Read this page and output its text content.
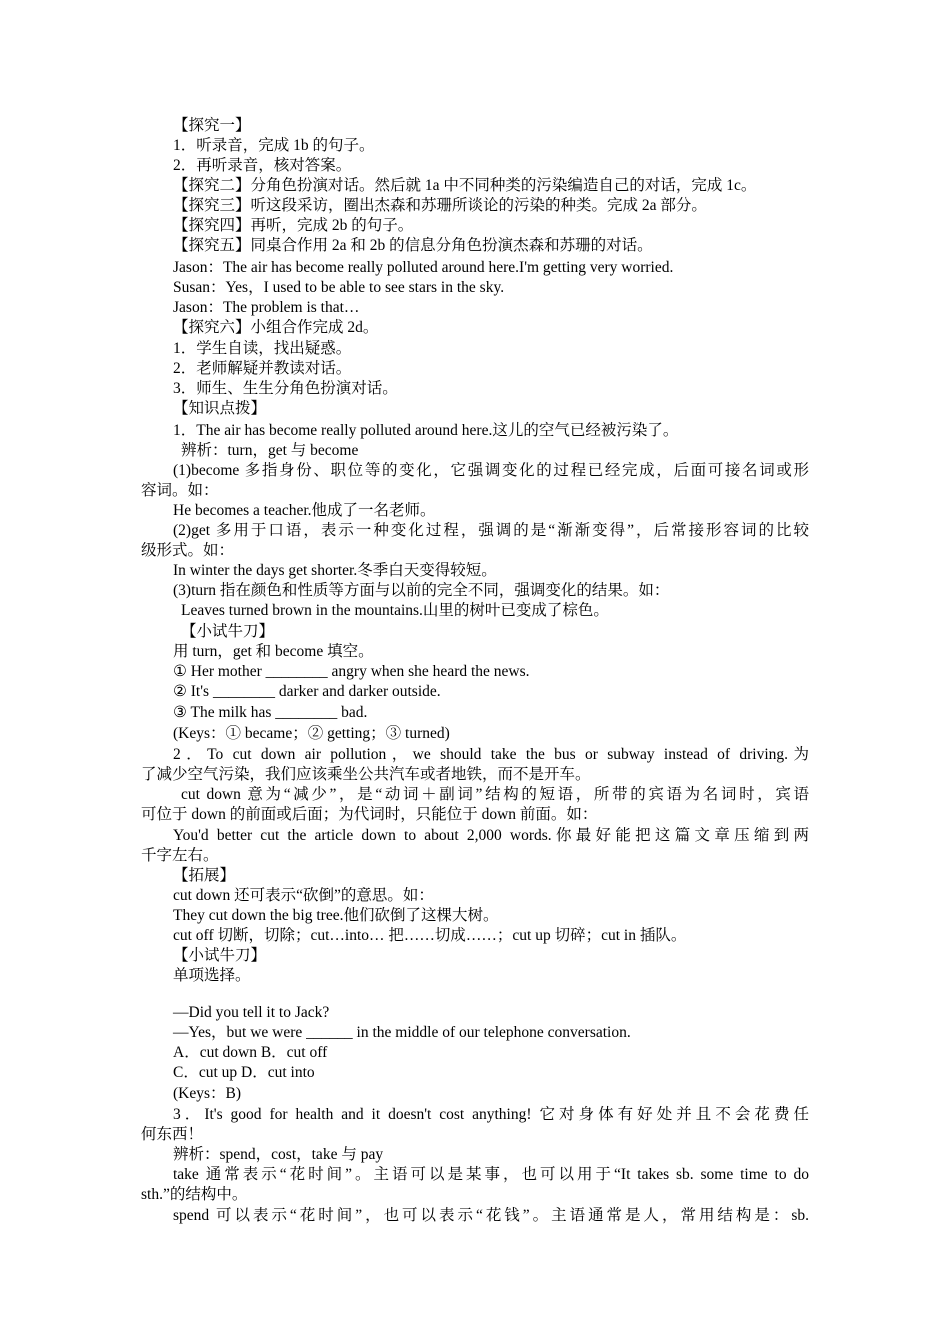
【探究一】
1．听录音，完成 1b 的句子。
2．再听录音，核对答案。
【探究二】分角色扮演对话。然后就 1a 中不同种类的污染编造自己的对话，完成 1c。
【探究三】听这段采访，圈出杰森和苏珊所谈论的污染的种类。完成 2a 部分。
【探究四】再听，完成 2b 的句子。
【探究五】同桌合作用 2a 和 2b 的信息分角色扮演杰森和苏珊的对话。
Jason：The air has become really polluted around here.I'm getting very worried.
Susan：Yes，I used to be able to see stars in the sky.
Jason：The problem is that…
【探究六】小组合作完成 2d。
1．学生自读，找出疑惑。
2．老师解疑并教读对话。
3．师生、生生分角色扮演对话。
【知识点拨】
1．The air has become really polluted around here.这儿的空气已经被污染了。
辨析：turn，get 与 become
(1)become 多指身份、职位等的变化，它强调变化的过程已经完成，后面可接名词或形
容词。如：
He becomes a teacher.他成了一名老师。
(2)get 多用于口语，表示一种变化过程，强调的是“渐渐变得”，后常接形容词的比较
级形式。如：
In winter the days get shorter.冬季白天变得较短。
(3)turn 指在颜色和性质等方面与以前的完全不同，强调变化的结果。如：
Leaves turned brown in the mountains.山里的树叶已变成了棕色。
【小试牛刀】
用 turn，get 和 become 填空。
① Her mother ________ angry when she heard the news.
② It's ________ darker and darker outside.
③ The milk has ________ bad.
(Keys：① became；② getting；③ turned)
2．To cut down air pollution，we should take the bus or subway instead of driving.为
了减少空气污染，我们应该乘坐公共汽车或者地铁，而不是开车。
cut down 意为“减少”，是“动词＋副词”结构的短语，所带的宾语为名词时，宾语
可位于 down 的前面或后面；为代词时，只能位于 down 前面。如：
You'd better cut the article down to about 2,000 words.你最好能把这篇文章压缩到两
千字左右。
【拓展】
cut down 还可表示“砍倒”的意思。如：
They cut down the big tree.他们砍倒了这棵大树。
cut off 切断，切除；cut…into… 把……切成……；cut up 切碎；cut in 插队。
【小试牛刀】
单项选择。
—Did you tell it to Jack?
—Yes，but we were ______ in the middle of our telephone conversation.
A．cut down B．cut off
C．cut up D．cut into
(Keys：B)
3．It's good for health and it doesn't cost anything! 它对身体有好处并且不会花费任
何东西！
辨析：spend，cost，take 与 pay
take 通常表示“花时间”。主语可以是某事，也可以用于“It takes sb. some time to do
sth.”的结构中。
spend 可以表示“花时间”，也可以表示“花钱”。主语通常是人，常用结构是：sb.
